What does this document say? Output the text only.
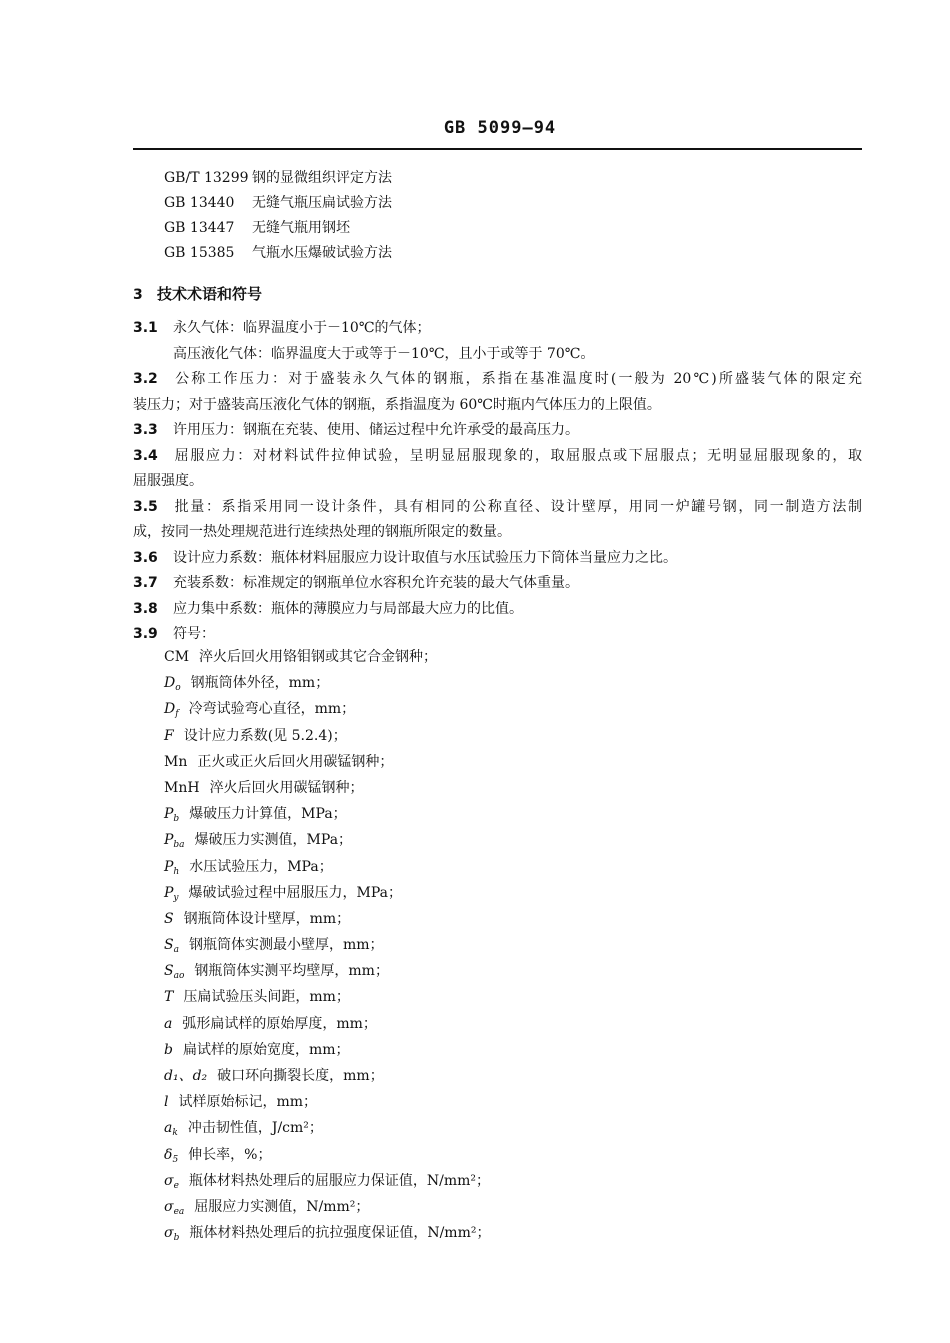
GB 5099—94
GB/T 13299 钢的显微组织评定方法
GB 13440 无缝气瓶压扁试验方法
GB 13447 无缝气瓶用钢坯
GB 15385 气瓶水压爆破试验方法
3 技术术语和符号
3.1 永久气体：临界温度小于－10℃的气体；
高压液化气体：临界温度大于或等于－10℃，且小于或等于 70℃。
3.2 公称工作压力：对于盛装永久气体的钢瓶，系指在基准温度时(一般为 20℃)所盛装气体的限定充
装压力；对于盛装高压液化气体的钢瓶，系指温度为 60℃时瓶内气体压力的上限值。
3.3 许用压力：钢瓶在充装、使用、储运过程中允许承受的最高压力。
3.4 屈服应力：对材料试件拉伸试验，呈明显屈服现象的，取屈服点或下屈服点；无明显屈服现象的，取
屈服强度。
3.5 批量：系指采用同一设计条件，具有相同的公称直径、设计壁厚，用同一炉罐号钢，同一制造方法制
成，按同一热处理规范进行连续热处理的钢瓶所限定的数量。
3.6 设计应力系数：瓶体材料屈服应力设计取值与水压试验压力下筒体当量应力之比。
3.7 充装系数：标准规定的钢瓶单位水容积允许充装的最大气体重量。
3.8 应力集中系数：瓶体的薄膜应力与局部最大应力的比值。
3.9 符号：
CM 淬火后回火用铬钼钢或其它合金钢种；
$D_o$ 钢瓶筒体外径，mm；
$D_f$ 冷弯试验弯心直径，mm；
F 设计应力系数(见 5.2.4)；
Mn 正火或正火后回火用碳锰钢种；
MnH 淬火后回火用碳锰钢种；
$P_b$ 爆破压力计算值，MPa；
$P_{ba}$ 爆破压力实测值，MPa；
$P_h$ 水压试验压力，MPa；
$P_y$ 爆破试验过程中屈服压力，MPa；
S 钢瓶筒体设计壁厚，mm；
$S_a$ 钢瓶筒体实测最小壁厚，mm；
$S_{ao}$ 钢瓶筒体实测平均壁厚，mm；
T 压扁试验压头间距，mm；
a 弧形扁试样的原始厚度，mm；
b 扁试样的原始宽度，mm；
d₁、d₂ 破口环向撕裂长度，mm；
l 试样原始标记，mm；
$a_k$ 冲击韧性值，J/cm²；
$\delta_5$ 伸长率，%；
$\sigma_e$ 瓶体材料热处理后的屈服应力保证值，N/mm²；
$\sigma_{ea}$ 屈服应力实测值，N/mm²；
$\sigma_b$ 瓶体材料热处理后的抗拉强度保证值，N/mm²；
